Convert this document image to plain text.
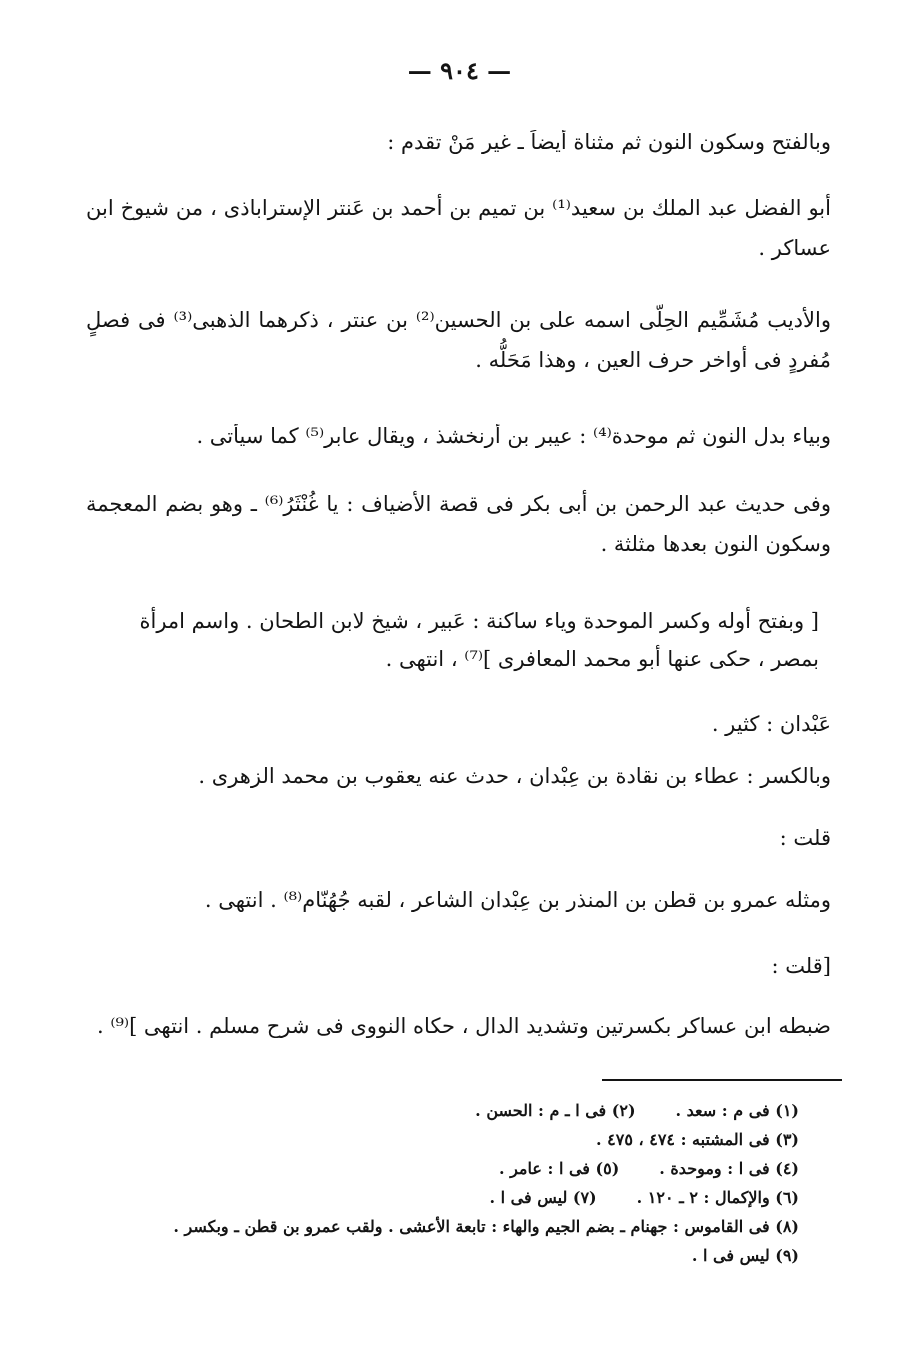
— ٩٠٤ —
وبالفتح وسكون النون ثم مثناة أيضاً ـ غير مَنْ تقدم :
أبو الفضل عبد الملك بن سعيد⁽¹⁾ بن تميم بن أحمد بن عَنتر الإستراباذى ، من شيوخ ابن عساكر .
والأديب مُشَمِّيم الحِلّى اسمه على بن الحسين⁽²⁾ بن عنتر ، ذكرهما الذهبى⁽³⁾ فى فصلٍ مُفردٍ فى أواخر حرف العين ، وهذا مَحَلُّه .
وبياء بدل النون ثم موحدة⁽⁴⁾ : عيبر بن أرنخشذ ، ويقال عابر⁽⁵⁾ كما سيأتى .
وفى حديث عبد الرحمن بن أبى بكر فى قصة الأضياف : يا غُنْثَرُ⁽⁶⁾ ـ وهو بضم المعجمة وسكون النون بعدها مثلثة .
[ وبفتح أوله وكسر الموحدة وياء ساكنة : عَبير ، شيخ لابن الطحان . واسم امرأة بمصر ، حكى عنها أبو محمد المعافرى ]⁽⁷⁾ ، انتهى .
عَبْدان : كثير .
وبالكسر : عطاء بن نقادة بن عِبْدان ، حدث عنه يعقوب بن محمد الزهرى .
قلت :
ومثله عمرو بن قطن بن المنذر بن عِبْدان الشاعر ، لقبه جُهُنّام⁽⁸⁾ . انتهى .
[قلت :
ضبطه ابن عساكر بكسرتين وتشديد الدال ، حكاه النووى فى شرح مسلم . انتهى ]⁽⁹⁾ .
(١) فى م : سعد .(٢) فى ا ـ م : الحسن .
(٣) فى المشتبه : ٤٧٤ ، ٤٧٥ .
(٤) فى ا : وموحدة .(٥) فى ا : عامر .
(٦) والإكمال : ٢ ـ ١٢٠ .(٧) ليس فى ا .
(٨) فى القاموس : جهنام ـ بضم الجيم والهاء : تابعة الأعشى . ولقب عمرو بن قطن ـ وبكسر .
(٩) ليس فى ا .
